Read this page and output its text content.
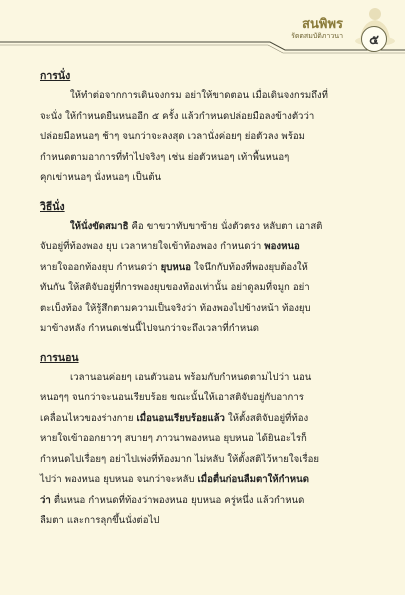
สนพิพร
รัตตสมบัติภาวนา	๕

การนั่ง

ให้ทำต่อจากการเดินจงกรม อย่าให้ขาดตอน เมื่อเดินจงกรมถึงที่
จะนั่ง ให้กำหนดยืนหนออีก ๕ ครั้ง แล้วกำหนดปล่อยมือลงข้างตัวว่า
ปล่อยมือหนอๆ ช้าๆ จนกว่าจะลงสุด เวลานั่งค่อยๆ ย่อตัวลง พร้อม
กำหนดตามอาการที่ทำไปจริงๆ เช่น ย่อตัวหนอๆ เท้าพื้นหนอๆ
คุกเข่าหนอๆ นั่งหนอๆ เป็นต้น

วิธีนั่ง

ให้นั่งขัดสมาธิ คือ ขาขวาทับขาซ้าย นั่งตัวตรง หลับตา เอาสติ
จับอยู่ที่ท้องพอง ยุบ เวลาหายใจเข้าท้องพอง กำหนดว่า พองหนอ
หายใจออกท้องยุบ กำหนดว่า ยุบหนอ ใจนึกกับท้องที่พองยุบต้องให้
ทันกัน ให้สติจับอยู่ที่การพองยุบของท้องเท่านั้น อย่าดูลมที่จมูก อย่า
ตะเบ็งท้อง ให้รู้สึกตามความเป็นจริงว่า ท้องพองไปข้างหน้า ท้องยุบ
มาข้างหลัง กำหนดเช่นนี้ไปจนกว่าจะถึงเวลาที่กำหนด

การนอน

เวลานอนค่อยๆ เอนตัวนอน พร้อมกับกำหนดตามไปว่า นอน
หนอๆๆ จนกว่าจะนอนเรียบร้อย ขณะนั้นให้เอาสติจับอยู่กับอาการ
เคลื่อนไหวของร่างกาย เมื่อนอนเรียบร้อยแล้ว ให้ตั้งสติจับอยู่ที่ท้อง
หายใจเข้าออกยาวๆ สบายๆ ภาวนาพองหนอ ยุบหนอ ได้ยินอะไรก็
กำหนดไปเรื่อยๆ อย่าไปเพ่งที่ท้องมาก ไม่หลับ ให้ตั้งสติไว้หายใจเรื่อย
ไปว่า พองหนอ ยุบหนอ จนกว่าจะหลับ เมื่อตื่นก่อนลืมตาให้กำหนด
ว่า ตื่นหนอ กำหนดที่ท้องว่าพองหนอ ยุบหนอ ครู่หนึ่ง แล้วกำหนด
ลืมตา และการลุกขึ้นนั่งต่อไป
